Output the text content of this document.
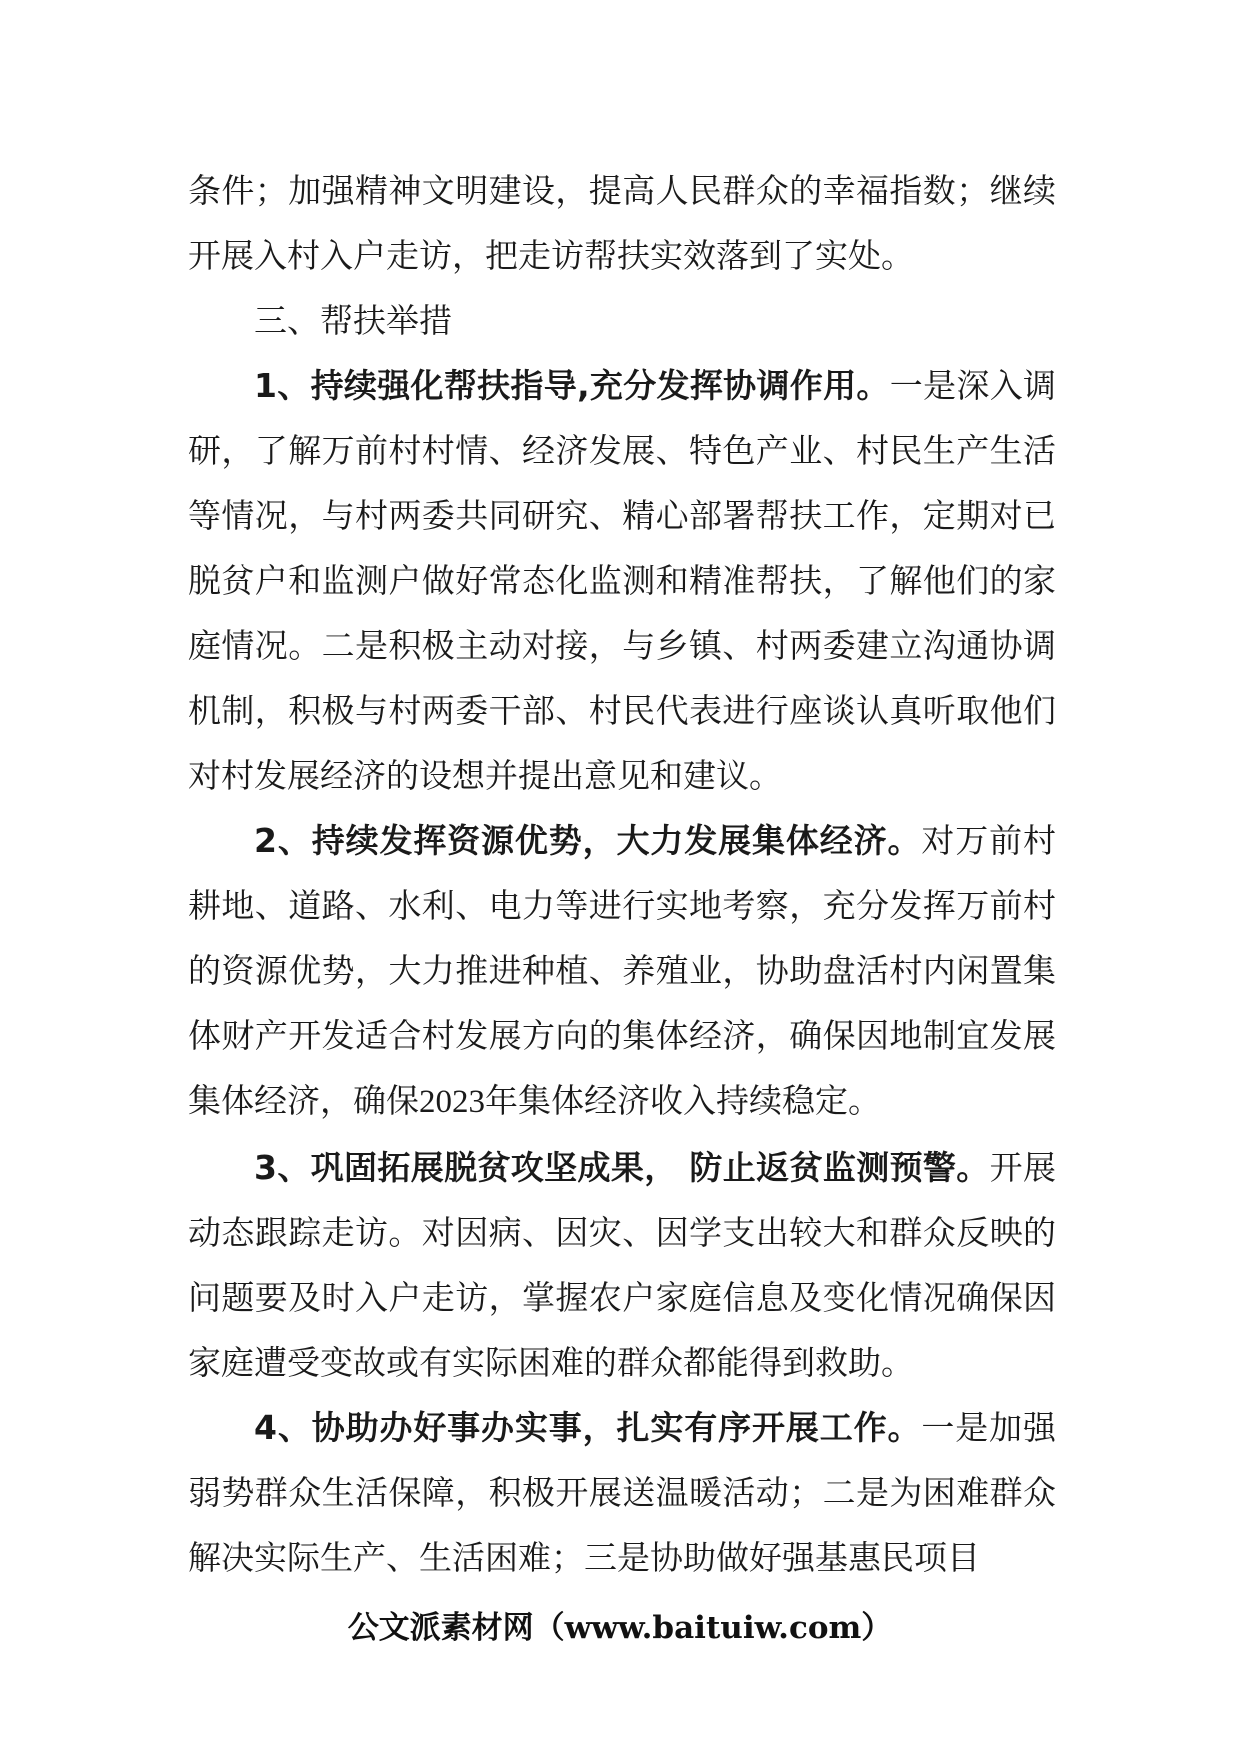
条件；加强精神文明建设，提高人民群众的幸福指数；继续开展入村入户走访，把走访帮扶实效落到了实处。

三、帮扶举措

1、持续强化帮扶指导,充分发挥协调作用。一是深入调研，了解万前村村情、经济发展、特色产业、村民生产生活等情况，与村两委共同研究、精心部署帮扶工作，定期对已脱贫户和监测户做好常态化监测和精准帮扶，了解他们的家庭情况。二是积极主动对接，与乡镇、村两委建立沟通协调机制，积极与村两委干部、村民代表进行座谈认真听取他们对村发展经济的设想并提出意见和建议。

2、持续发挥资源优势，大力发展集体经济。对万前村耕地、道路、水利、电力等进行实地考察，充分发挥万前村的资源优势，大力推进种植、养殖业，协助盘活村内闲置集体财产开发适合村发展方向的集体经济，确保因地制宜发展集体经济，确保2023年集体经济收入持续稳定。

3、巩固拓展脱贫攻坚成果， 防止返贫监测预警。开展动态跟踪走访。对因病、因灾、因学支出较大和群众反映的问题要及时入户走访，掌握农户家庭信息及变化情况确保因家庭遭受变故或有实际困难的群众都能得到救助。

4、协助办好事办实事，扎实有序开展工作。一是加强弱势群众生活保障，积极开展送温暖活动；二是为困难群众解决实际生产、生活困难；三是协助做好强基惠民项目

公文派素材网（www.baituiw.com）
